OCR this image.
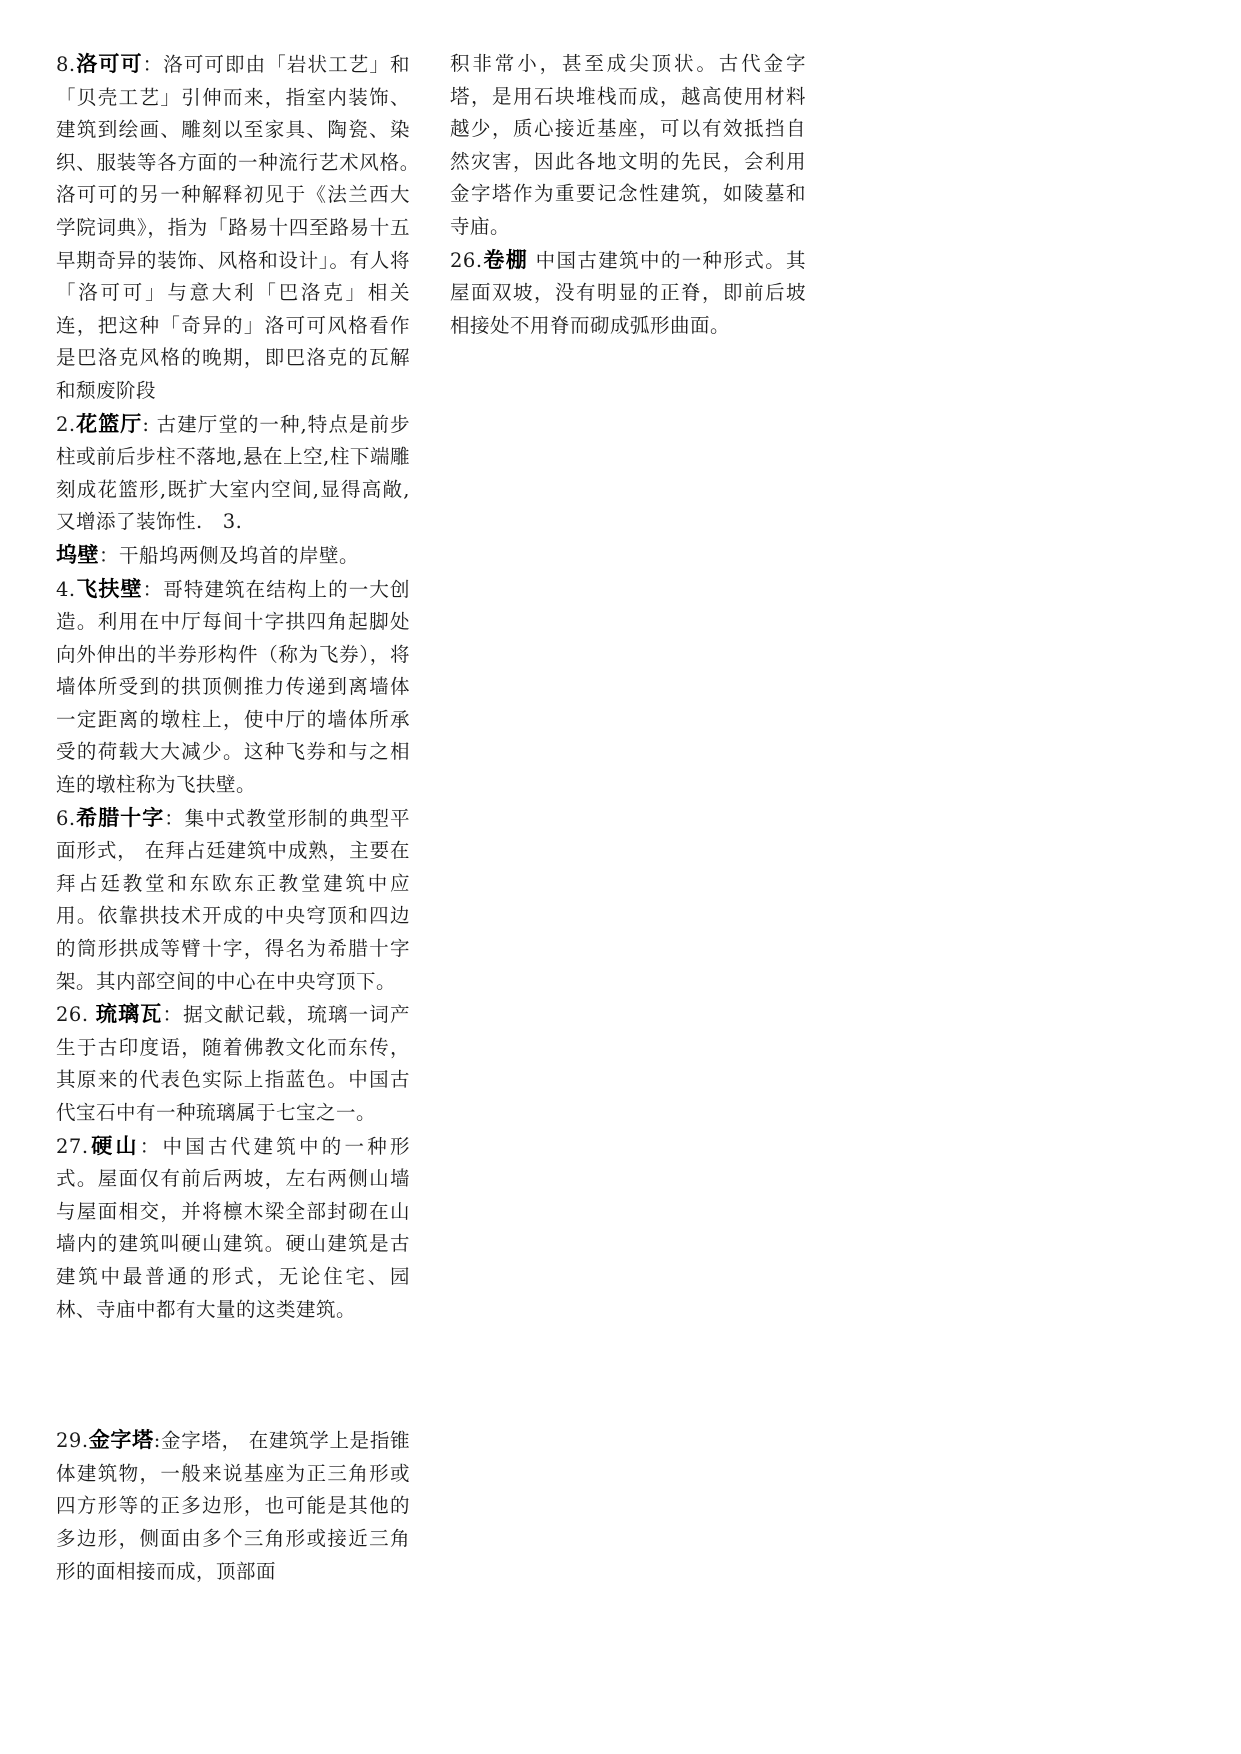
8.洛可可：洛可可即由「岩状工艺」和「贝壳工艺」引伸而来，指室内装饰、建筑到绘画、雕刻以至家具、陶瓷、染织、服装等各方面的一种流行艺术风格。　洛可可的另一种解释初见于《法兰西大学院词典》，指为「路易十四至路易十五早期奇异的装饰、风格和设计」。有人将「洛可可」与意大利「巴洛克」相关连，把这种「奇异的」洛可可风格看作是巴洛克风格的晚期，即巴洛克的瓦解和颓废阶段

2.花篮厅: 古建厅堂的一种,特点是前步柱或前后步柱不落地,悬在上空,柱下端雕刻成花篮形,既扩大室内空间,显得高敞,又增添了装饰性.　3.

坞壁：干船坞两侧及坞首的岸壁。

4.飞扶壁：哥特建筑在结构上的一大创造。利用在中厅每间十字拱四角起脚处向外伸出的半券形构件（称为飞券），将墙体所受到的拱顶侧推力传递到离墙体一定距离的墩柱上，使中厅的墙体所承受的荷载大大减少。这种飞券和与之相连的墩柱称为飞扶壁。

6.希腊十字：集中式教堂形制的典型平面形式， 在拜占廷建筑中成熟，主要在拜占廷教堂和东欧东正教堂建筑中应用。依靠拱技术开成的中央穹顶和四边的筒形拱成等臂十字，得名为希腊十字架。其内部空间的中心在中央穹顶下。

26. 琉璃瓦：据文献记载，琉璃一词产生于古印度语，随着佛教文化而东传，其原来的代表色实际上指蓝色。中国古代宝石中有一种琉璃属于七宝之一。

27.硬山：中国古代建筑中的一种形式。屋面仅有前后两坡，左右两侧山墙与屋面相交，并将檩木梁全部封砌在山墙内的建筑叫硬山建筑。硬山建筑是古建筑中最普通的形式，无论住宅、园林、寺庙中都有大量的这类建筑。

29.金字塔:金字塔， 在建筑学上是指锥体建筑物，一般来说基座为正三角形或四方形等的正多边形，也可能是其他的多边形，侧面由多个三角形或接近三角形的面相接而成，顶部面

积非常小，甚至成尖顶状。古代金字塔，是用石块堆栈而成，越高使用材料越少，质心接近基座，可以有效抵挡自然灾害，因此各地文明的先民，会利用金字塔作为重要记念性建筑，如陵墓和寺庙。

26.卷棚 中国古建筑中的一种形式。其屋面双坡，没有明显的正脊，即前后坡相接处不用脊而砌成弧形曲面。
